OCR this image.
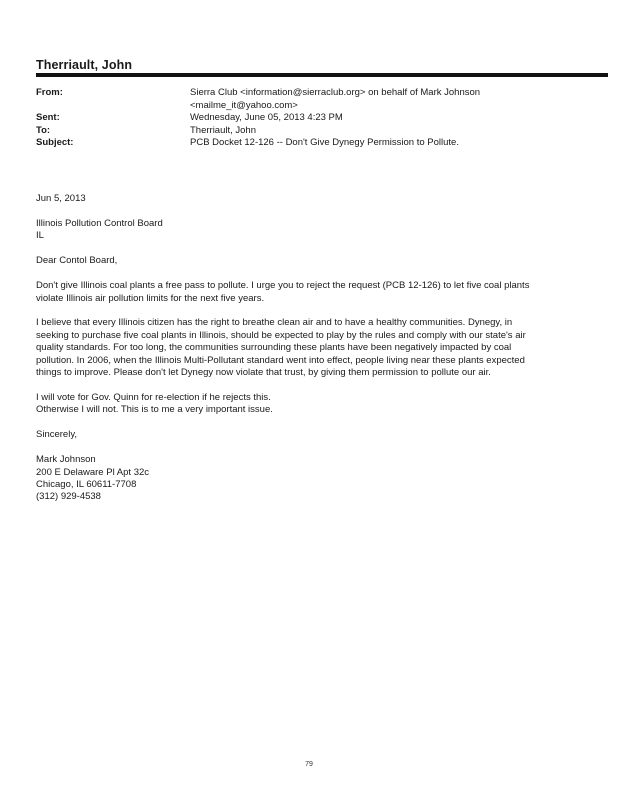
Therriault, John
From:	Sierra Club <information@sierraclub.org> on behalf of Mark Johnson
<mailme_it@yahoo.com>
Sent:	Wednesday, June 05, 2013 4:23 PM
To:	Therriault, John
Subject:	PCB Docket 12-126 -- Don't Give Dynegy Permission to Pollute.

Jun 5, 2013

Illinois Pollution Control Board
IL

Dear Contol Board,

Don't give Illinois coal plants a free pass to pollute. I urge you to reject the request (PCB 12-126) to let five coal plants
violate Illinois air pollution limits for the next five years.

I believe that every Illinois citizen has the right to breathe clean air and to have a healthy communities. Dynegy, in
seeking to purchase five coal plants in Illinois, should be expected to play by the rules and comply with our state's air
quality standards. For too long, the communities surrounding these plants have been negatively impacted by coal
pollution. In 2006, when the Illinois Multi-Pollutant standard went into effect, people living near these plants expected
things to improve. Please don't let Dynegy now violate that trust, by giving them permission to pollute our air.

I will vote for Gov. Quinn for re-election if he rejects this.
Otherwise I will not. This is to me a very important issue.

Sincerely,

Mark Johnson
200 E Delaware Pl Apt 32c
Chicago, IL 60611-7708
(312) 929-4538

79
